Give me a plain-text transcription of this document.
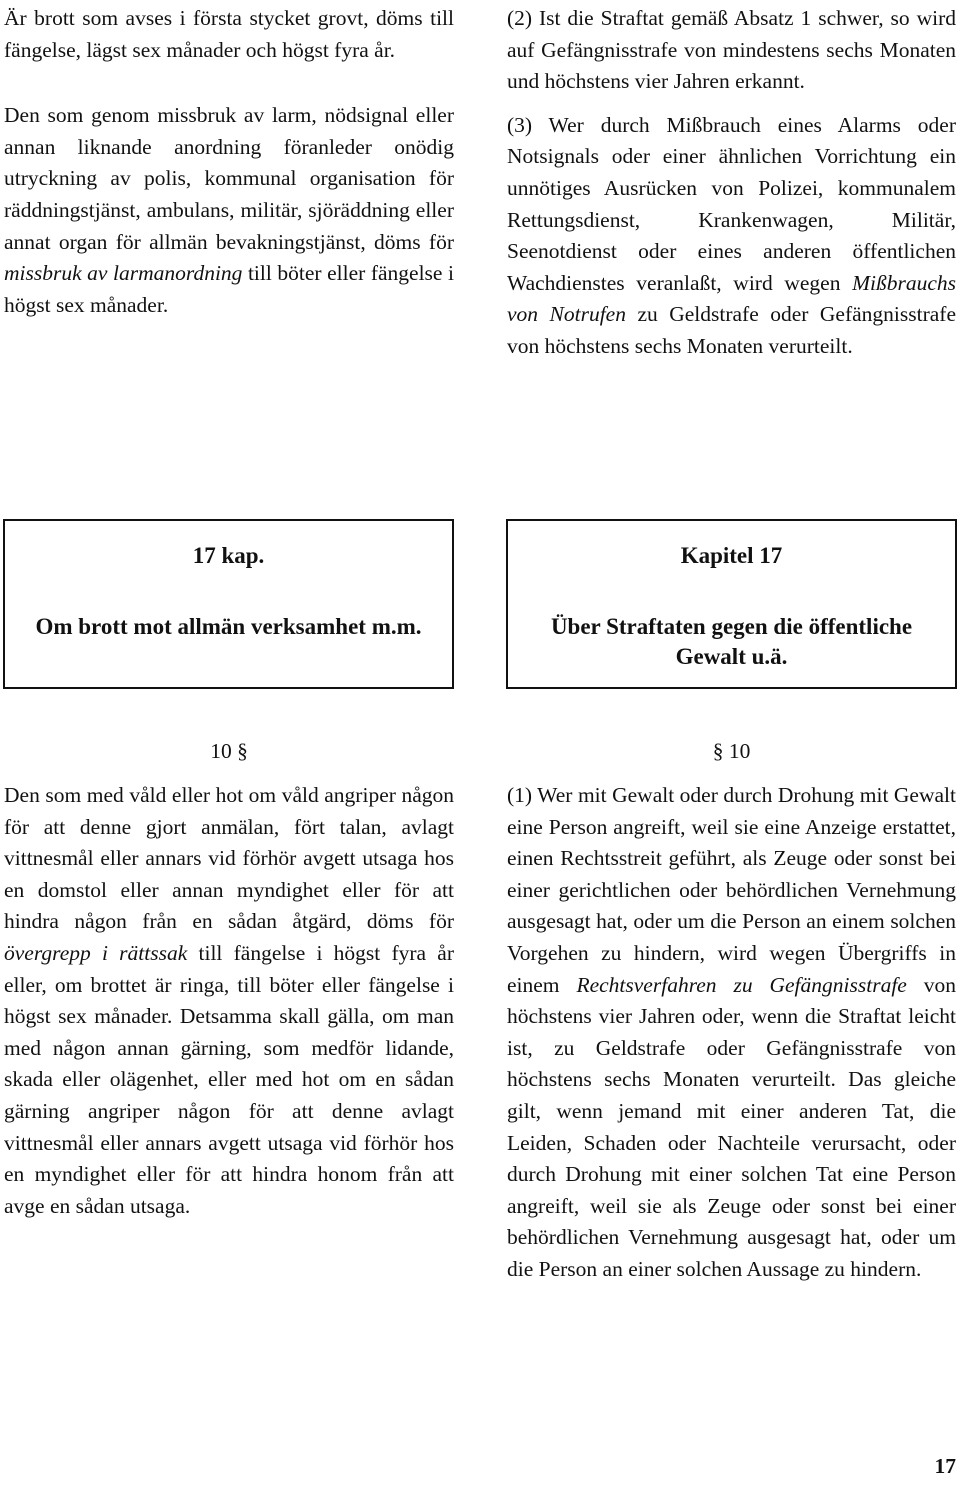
Är brott som avses i första stycket grovt, döms till fängelse, lägst sex månader och högst fyra år.

Den som genom missbruk av larm, nödsignal eller annan liknande anordning föranleder onödig utryckning av polis, kommunal organisation för räddningstjänst, ambulans, militär, sjöräddning eller annat organ för allmän bevakningstjänst, döms för missbruk av larmanordning till böter eller fängelse i högst sex månader.

(2) Ist die Straftat gemäß Absatz 1 schwer, so wird auf Gefängnisstrafe von mindestens sechs Monaten und höchstens vier Jahren erkannt.

(3) Wer durch Mißbrauch eines Alarms oder Notsignals oder einer ähnlichen Vorrichtung ein unnötiges Ausrücken von Polizei, kommunalem Rettungsdienst, Krankenwagen, Militär, Seenotdienst oder eines anderen öffentlichen Wachdienstes veranlaßt, wird wegen Mißbrauchs von Notrufen zu Geldstrafe oder Gefängnisstrafe von höchstens sechs Monaten verurteilt.

17 kap.
Om brott mot allmän verksamhet m.m.
Kapitel 17
Über Straftaten gegen die öffentliche Gewalt u.ä.
10 §

Den som med våld eller hot om våld angriper någon för att denne gjort anmälan, fört talan, avlagt vittnesmål eller annars vid förhör avgett utsaga hos en domstol eller annan myndighet eller för att hindra någon från en sådan åtgärd, döms för övergrepp i rättssak till fängelse i högst fyra år eller, om brottet är ringa, till böter eller fängelse i högst sex månader. Detsamma skall gälla, om man med någon annan gärning, som medför lidande, skada eller olägenhet, eller med hot om en sådan gärning angriper någon för att denne avlagt vittnesmål eller annars avgett utsaga vid förhör hos en myndighet eller för att hindra honom från att avge en sådan utsaga.

§ 10

(1) Wer mit Gewalt oder durch Drohung mit Gewalt eine Person angreift, weil sie eine Anzeige erstattet, einen Rechtsstreit geführt, als Zeuge oder sonst bei einer gerichtlichen oder behördlichen Vernehmung ausgesagt hat, oder um die Person an einem solchen Vorgehen zu hindern, wird wegen Übergriffs in einem Rechtsverfahren zu Gefängnisstrafe von höchstens vier Jahren oder, wenn die Straftat leicht ist, zu Geldstrafe oder Gefängnisstrafe von höchstens sechs Monaten verurteilt. Das gleiche gilt, wenn jemand mit einer anderen Tat, die Leiden, Schaden oder Nachteile verursacht, oder durch Drohung mit einer solchen Tat eine Person angreift, weil sie als Zeuge oder sonst bei einer behördlichen Vernehmung ausgesagt hat, oder um die Person an einer solchen Aussage zu hindern.

17
